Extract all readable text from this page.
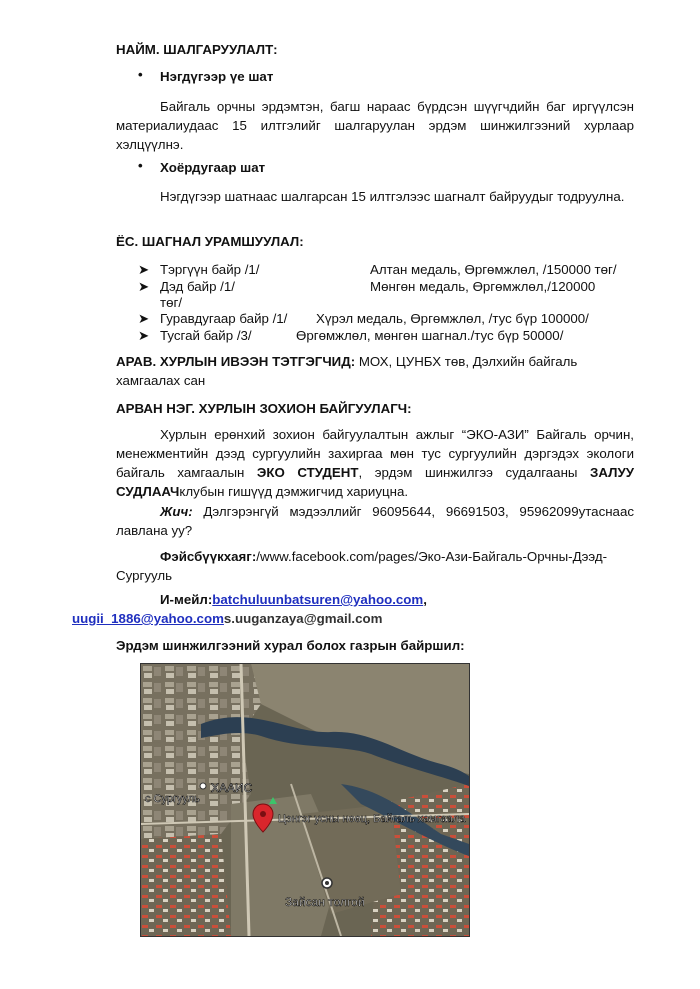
НАЙМ. ШАЛГАРУУЛАЛТ:
• Нэгдүгээр үе шат
Байгаль орчны эрдэмтэн, багш нараас бүрдсэн шүүгчдийн баг иргүүлсэн материалиудаас 15 илтгэлийг шалгаруулан эрдэм шинжилгээний хурлаар хэлцүүлнэ.
• Хоёрдугаар шат
Нэгдүгээр шатнаас шалгарсан 15 илтгэлээс шагналт байруудыг тодруулна.
ЁС. ШАГНАЛ УРАМШУУЛАЛ:
➤ Тэргүүн байр /1/	Алтан медаль, Өргөмжлөл, /150000 төг/
➤ Дэд байр /1/	Мөнгөн медаль, Өргөмжлөл,/120000
төг/
➤ Гуравдугаар байр /1/ Хүрэл медаль, Өргөмжлөл, /тус бүр 100000/
➤ Тусгай байр /3/	Өргөмжлөл, мөнгөн шагнал./тус бүр 50000/
АРАВ. ХУРЛЫН ИВЭЭН ТЭТГЭГЧИД: МОХ, ЦУНБХ төв, Дэлхийн байгаль
хамгаалах сан
АРВАН НЭГ. ХУРЛЫН ЗОХИОН БАЙГУУЛАГЧ:
Хурлын ерөнхий зохион байгуулалтын ажлыг “ЭКО-АЗИ” Байгаль орчин, менежментийн дээд сургуулийн захиргаа мөн тус сургуулийн дэргэдэх экологи байгаль хамгаалын ЭКО СТУДЕНТ, эрдэм шинжилгээ судалгааны ЗАЛУУ СУДЛААЧклубын гишүүд дэмжигчид хариуцна.
Жич: Дэлгэрэнгүй мэдээллийг 96095644, 96691503, 95962099утаснаас лавлана уу?
Фэйсбүүкхаяг:/www.facebook.com/pages/Эко-Ази-Байгаль-Орчны-Дээд-Сургууль
И-мейл:batchuluunbatsuren@yahoo.com,
uugii_1886@yahoo.coms.uuganzaya@gmail.com
Эрдэм шинжилгээний хурал болох газрын байршил:
ХААИС
с Сургууль
Цэнгэг усны нөөц, Байгаль хамгаала
Зайсан толгой
